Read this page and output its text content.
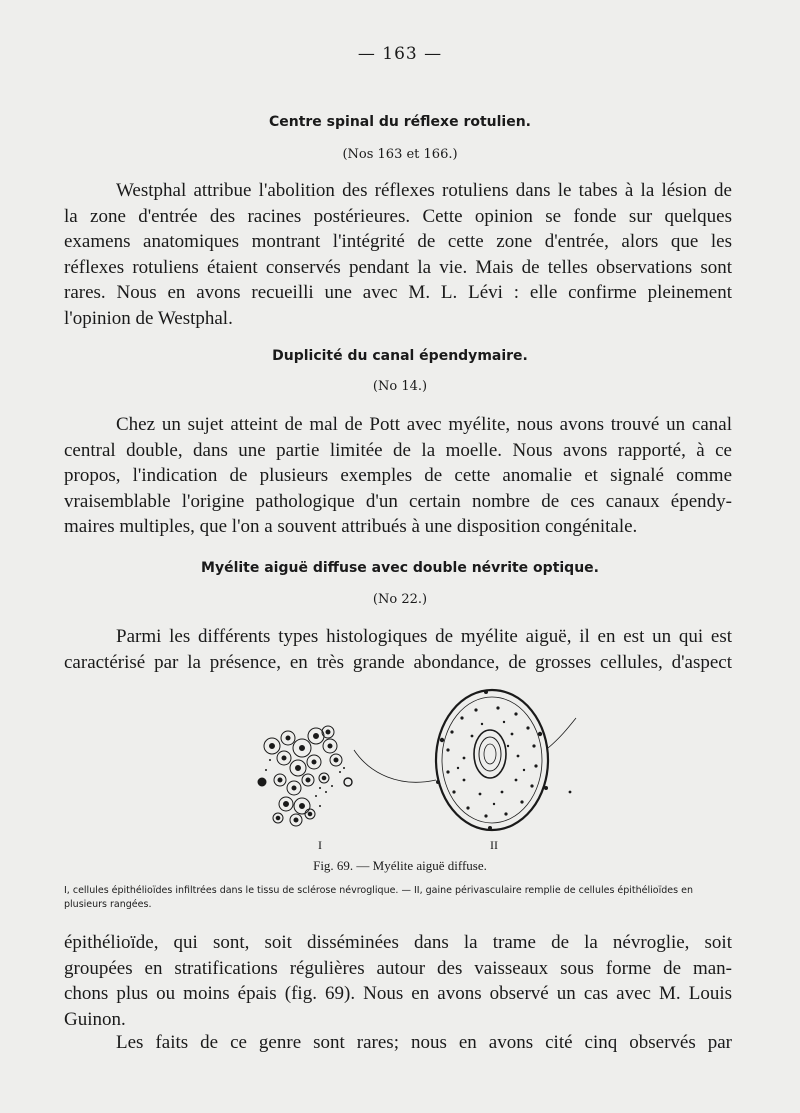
— 163 —
Centre spinal du réflexe rotulien.
(Nos 163 et 166.)
Westphal attribue l'abolition des réflexes rotuliens dans le tabes à la lésion de
la zone d'entrée des racines postérieures. Cette opinion se fonde sur quelques
examens anatomiques montrant l'intégrité de cette zone d'entrée, alors que les
réflexes rotuliens étaient conservés pendant la vie. Mais de telles observations sont
rares. Nous en avons recueilli une avec M. L. Lévi : elle confirme pleinement
l'opinion de Westphal.
Duplicité du canal épendymaire.
(No 14.)
Chez un sujet atteint de mal de Pott avec myélite, nous avons trouvé un canal
central double, dans une partie limitée de la moelle. Nous avons rapporté, à ce
propos, l'indication de plusieurs exemples de cette anomalie et signalé comme
vraisemblable l'origine pathologique d'un certain nombre de ces canaux épendy-
maires multiples, que l'on a souvent attribués à une disposition congénitale.
Myélite aiguë diffuse avec double névrite optique.
(No 22.)
Parmi les différents types histologiques de myélite aiguë, il en est un qui est
caractérisé par la présence, en très grande abondance, de grosses cellules, d'aspect
I	II
Fig. 69. — Myélite aiguë diffuse.
I, cellules épithélioïdes infiltrées dans le tissu de sclérose névroglique. — II, gaine périvasculaire remplie de cellules épithélioïdes en plusieurs rangées.
épithélioïde, qui sont, soit disséminées dans la trame de la névroglie, soit
groupées en stratifications régulières autour des vaisseaux sous forme de man-
chons plus ou moins épais (fig. 69). Nous en avons observé un cas avec M. Louis
Guinon.
Les faits de ce genre sont rares; nous en avons cité cinq observés par
